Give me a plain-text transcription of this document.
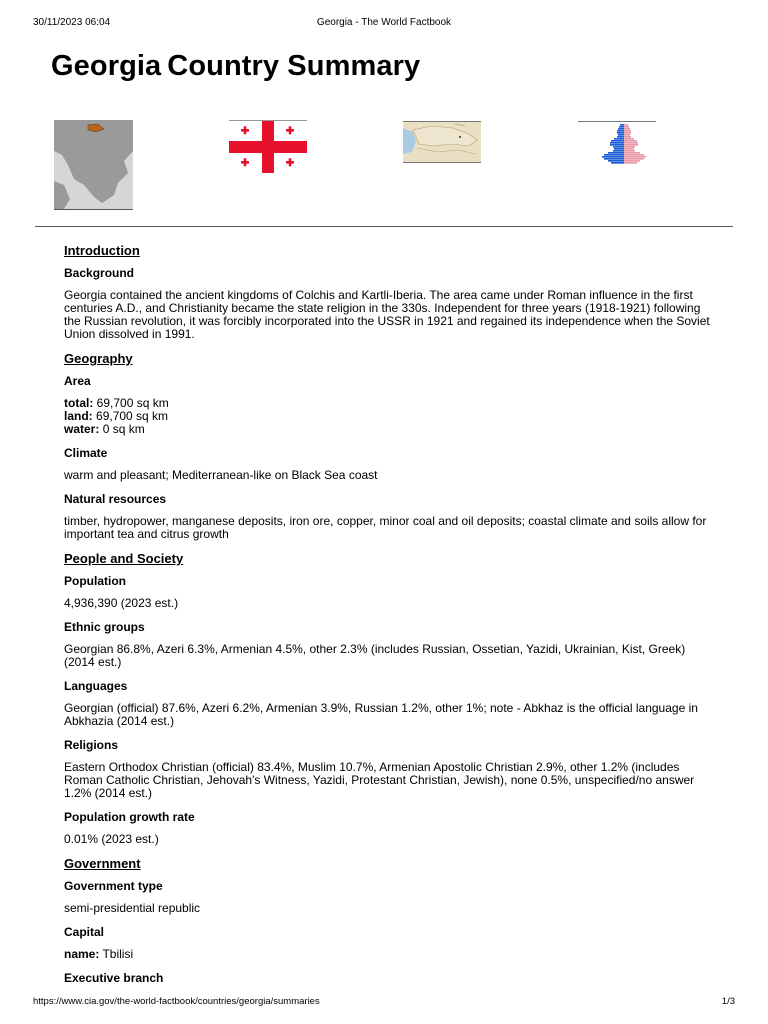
30/11/2023 06:04	Georgia - The World Factbook
Georgia Country Summary
Introduction
Background
Georgia contained the ancient kingdoms of Colchis and Kartli-Iberia. The area came under Roman influence in the first centuries A.D., and Christianity became the state religion in the 330s. Independent for three years (1918-1921) following the Russian revolution, it was forcibly incorporated into the USSR in 1921 and regained its independence when the Soviet Union dissolved in 1991.
Geography
Area
total: 69,700 sq km
land: 69,700 sq km
water: 0 sq km
Climate
warm and pleasant; Mediterranean-like on Black Sea coast
Natural resources
timber, hydropower, manganese deposits, iron ore, copper, minor coal and oil deposits; coastal climate and soils allow for important tea and citrus growth
People and Society
Population
4,936,390 (2023 est.)
Ethnic groups
Georgian 86.8%, Azeri 6.3%, Armenian 4.5%, other 2.3% (includes Russian, Ossetian, Yazidi, Ukrainian, Kist, Greek) (2014 est.)
Languages
Georgian (official) 87.6%, Azeri 6.2%, Armenian 3.9%, Russian 1.2%, other 1%; note - Abkhaz is the official language in Abkhazia (2014 est.)
Religions
Eastern Orthodox Christian (official) 83.4%, Muslim 10.7%, Armenian Apostolic Christian 2.9%, other 1.2% (includes Roman Catholic Christian, Jehovah's Witness, Yazidi, Protestant Christian, Jewish), none 0.5%, unspecified/no answer 1.2% (2014 est.)
Population growth rate
0.01% (2023 est.)
Government
Government type
semi-presidential republic
Capital
name: Tbilisi
Executive branch
https://www.cia.gov/the-world-factbook/countries/georgia/summaries	1/3
